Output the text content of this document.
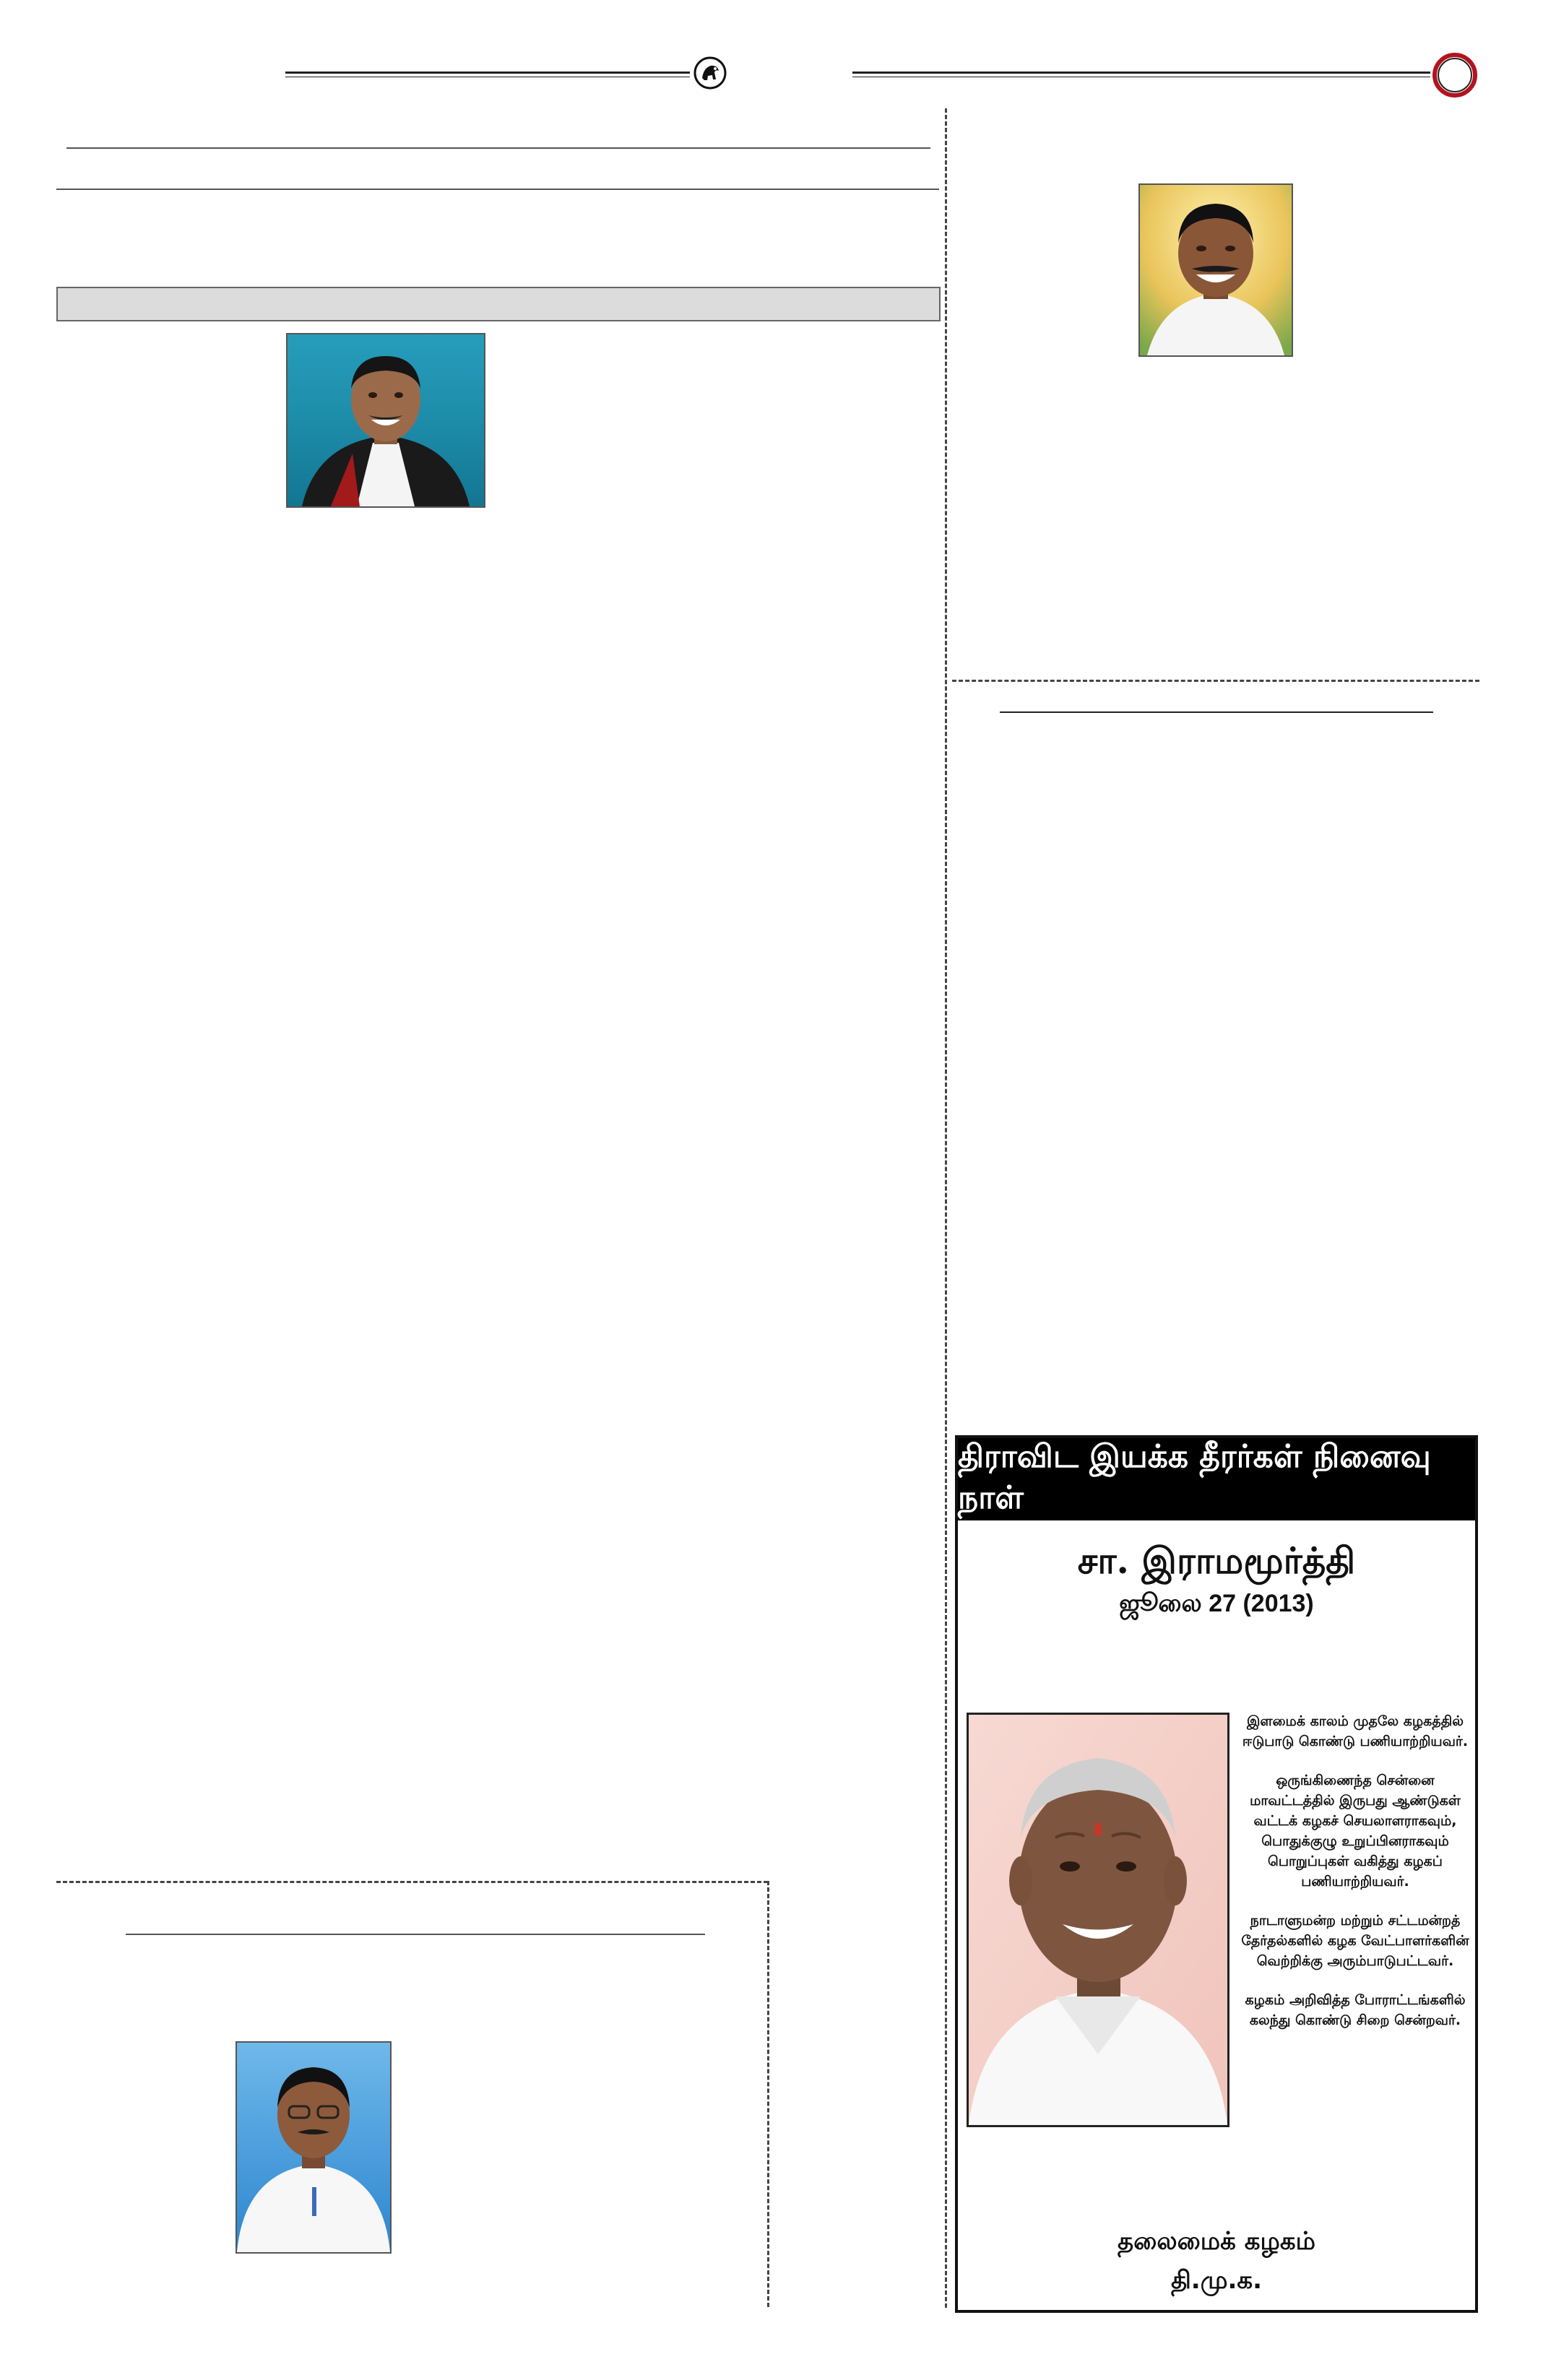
திராவிட இயக்க தீரர்கள் நினைவு நாள்
சா. இராமமூர்த்தி
ஜூலை 27 (2013)

இளமைக் காலம் முதலே கழகத்தில் ஈடுபாடு கொண்டு பணியாற்றியவர்.

ஒருங்கிணைந்த சென்னை மாவட்டத்தில் இருபது ஆண்டுகள் வட்டக் கழகச் செயலாளராகவும், பொதுக்குழு உறுப்பினராகவும் பொறுப்புகள் வகித்து கழகப் பணியாற்றியவர்.

நாடாளுமன்ற மற்றும் சட்டமன்றத் தேர்தல்களில் கழக வேட்பாளர்களின் வெற்றிக்கு அரும்பாடுபட்டவர்.

கழகம் அறிவித்த போராட்டங்களில் கலந்து கொண்டு சிறை சென்றவர்.

தலைமைக் கழகம்
தி.மு.க.
